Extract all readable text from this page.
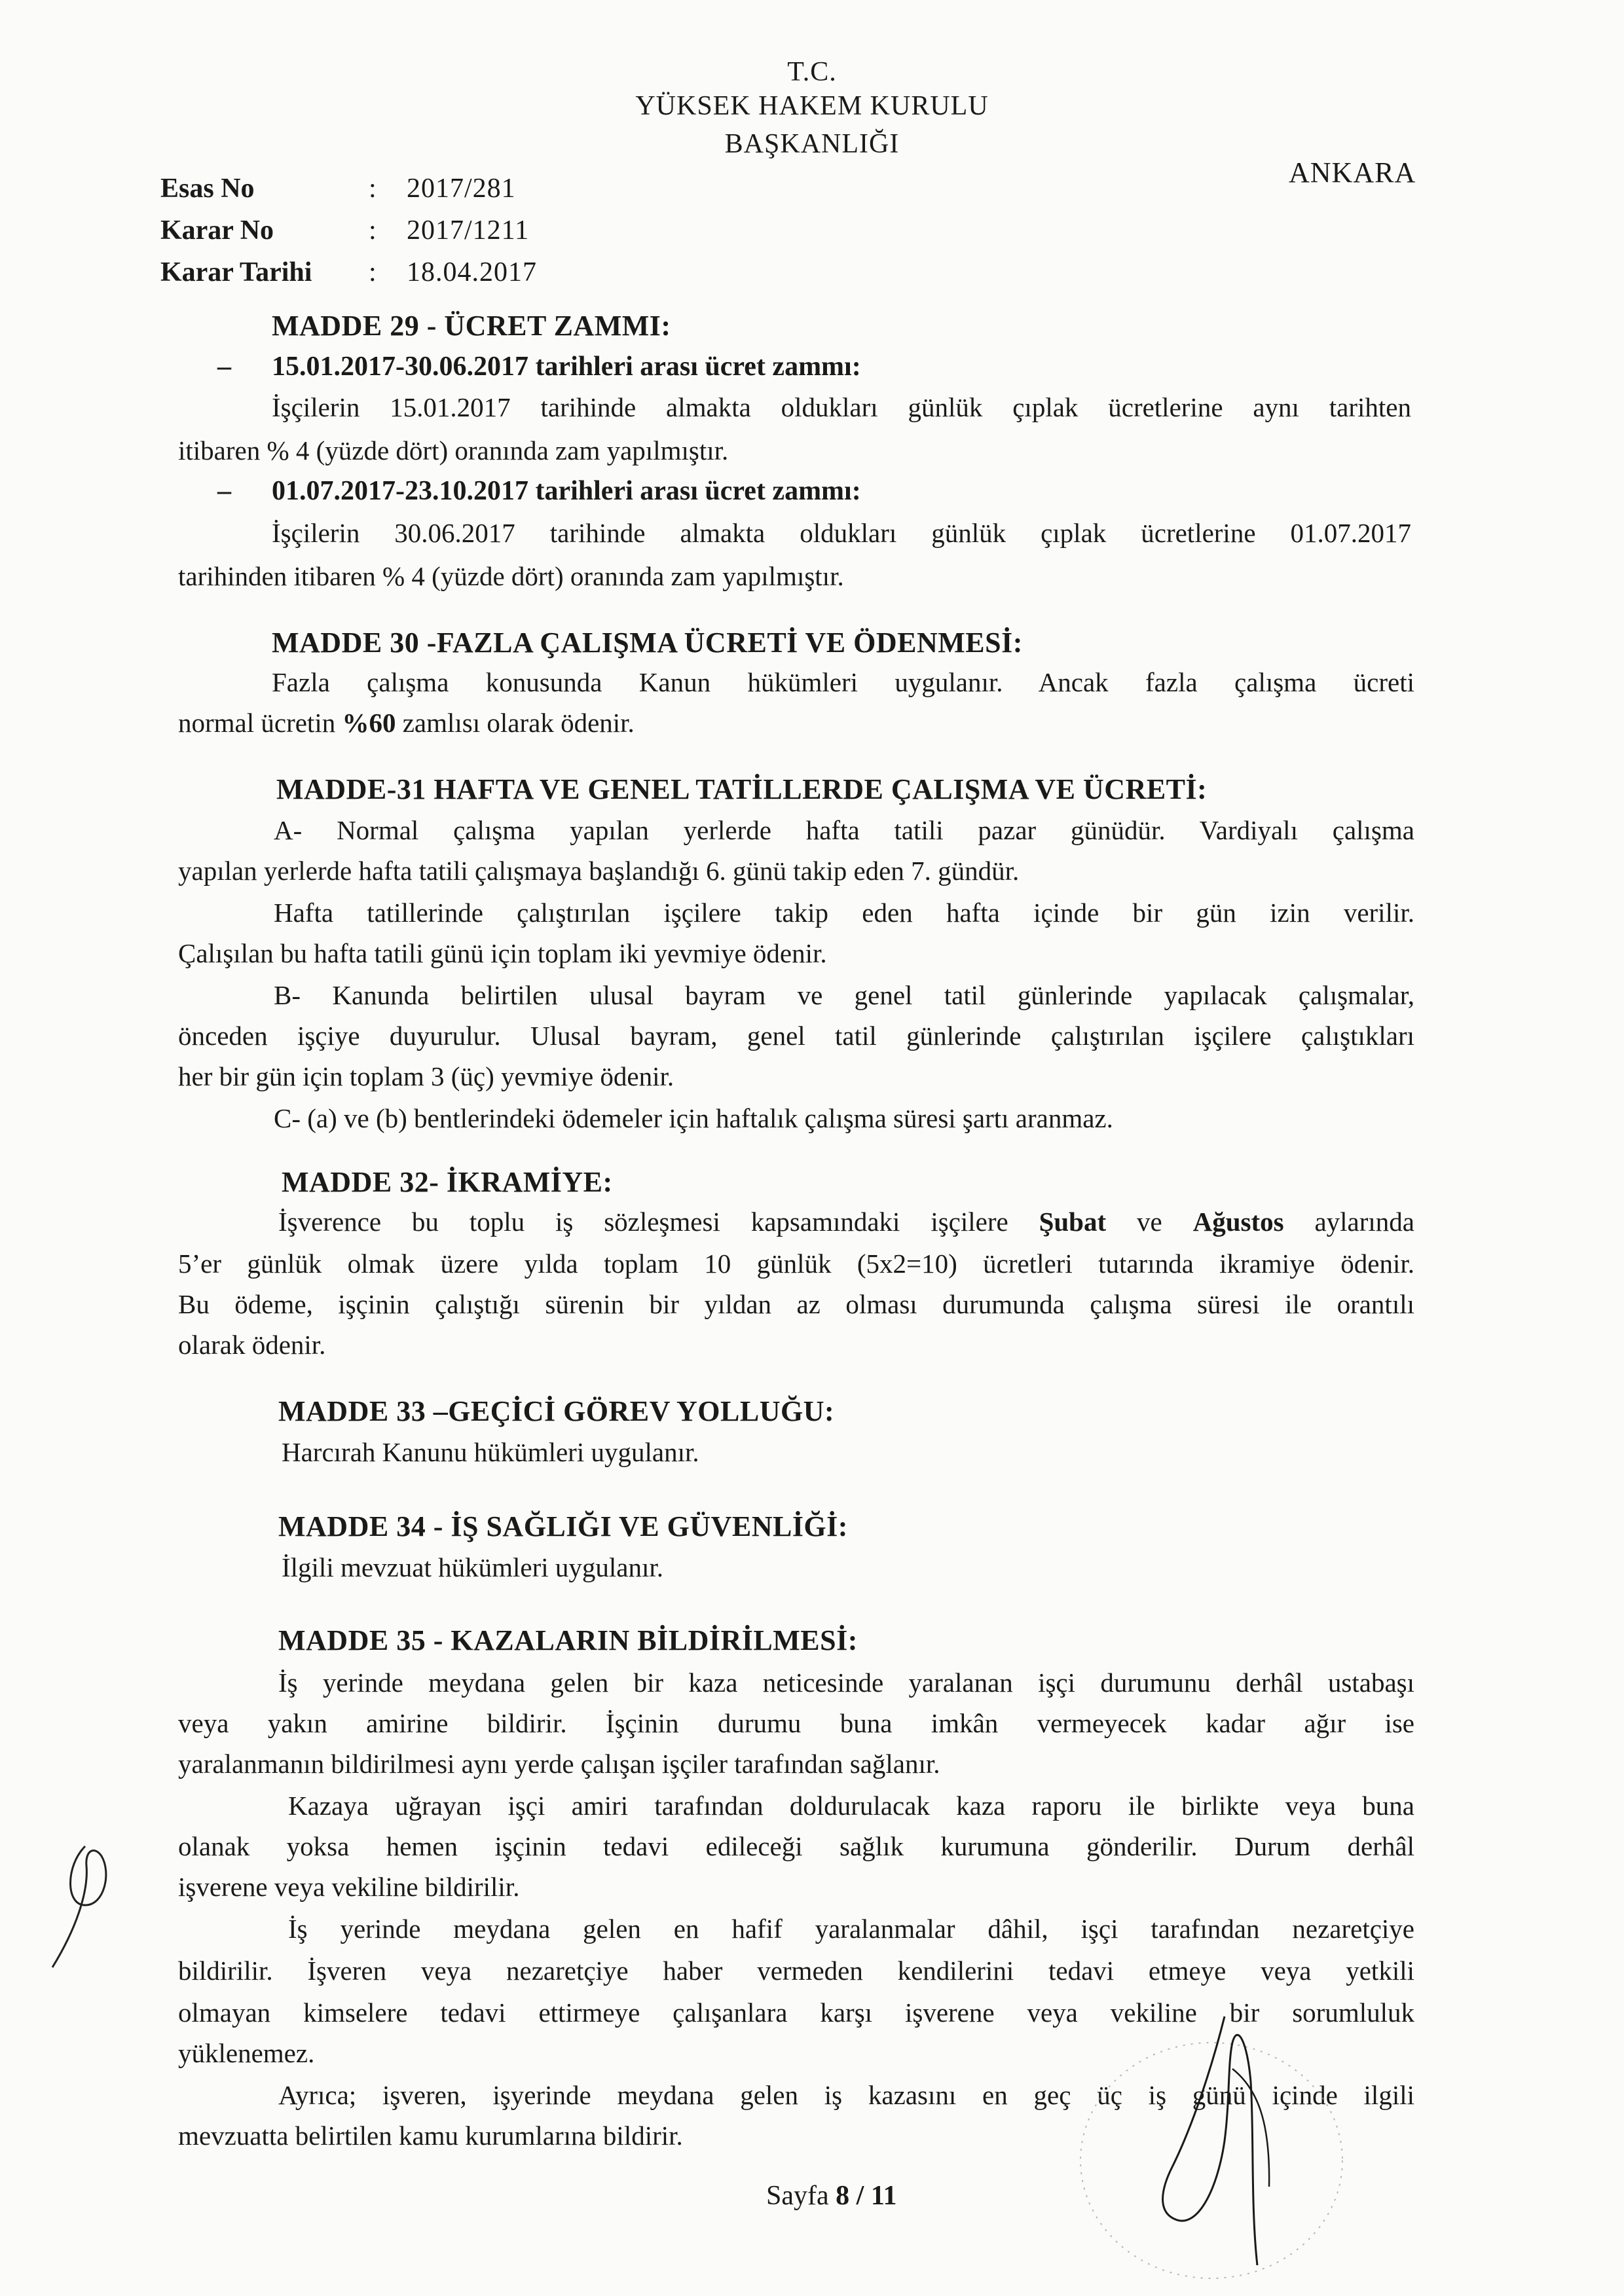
T.C.
YÜKSEK HAKEM KURULU
BAŞKANLIĞI
ANKARA
Esas No	:	2017/281
Karar No	:	2017/1211
Karar Tarihi	:	18.04.2017
MADDE 29 - ÜCRET ZAMMI:
– 15.01.2017-30.06.2017 tarihleri arası ücret zammı:
İşçilerin 15.01.2017 tarihinde almakta oldukları günlük çıplak ücretlerine aynı tarihten
itibaren % 4 (yüzde dört) oranında zam yapılmıştır.
– 01.07.2017-23.10.2017 tarihleri arası ücret zammı:
İşçilerin 30.06.2017 tarihinde almakta oldukları günlük çıplak ücretlerine 01.07.2017
tarihinden itibaren % 4 (yüzde dört) oranında zam yapılmıştır.
MADDE 30 -FAZLA ÇALIŞMA ÜCRETİ VE ÖDENMESİ:
Fazla çalışma konusunda Kanun hükümleri uygulanır. Ancak fazla çalışma ücreti
normal ücretin %60 zamlısı olarak ödenir.
MADDE-31 HAFTA VE GENEL TATİLLERDE ÇALIŞMA VE ÜCRETİ:
A- Normal çalışma yapılan yerlerde hafta tatili pazar günüdür. Vardiyalı çalışma
yapılan yerlerde hafta tatili çalışmaya başlandığı 6. günü takip eden 7. gündür.
Hafta tatillerinde çalıştırılan işçilere takip eden hafta içinde bir gün izin verilir.
Çalışılan bu hafta tatili günü için toplam iki yevmiye ödenir.
B- Kanunda belirtilen ulusal bayram ve genel tatil günlerinde yapılacak çalışmalar,
önceden işçiye duyurulur. Ulusal bayram, genel tatil günlerinde çalıştırılan işçilere çalıştıkları
her bir gün için toplam 3 (üç) yevmiye ödenir.
C- (a) ve (b) bentlerindeki ödemeler için haftalık çalışma süresi şartı aranmaz.
MADDE 32- İKRAMİYE:
İşverence bu toplu iş sözleşmesi kapsamındaki işçilere Şubat ve Ağustos aylarında
5’er günlük olmak üzere yılda toplam 10 günlük (5x2=10) ücretleri tutarında ikramiye ödenir.
Bu ödeme, işçinin çalıştığı sürenin bir yıldan az olması durumunda çalışma süresi ile orantılı
olarak ödenir.
MADDE 33 –GEÇİCİ GÖREV YOLLUĞU:
Harcırah Kanunu hükümleri uygulanır.
MADDE 34 - İŞ SAĞLIĞI VE GÜVENLİĞİ:
İlgili mevzuat hükümleri uygulanır.
MADDE 35 - KAZALARIN BİLDİRİLMESİ:
İş yerinde meydana gelen bir kaza neticesinde yaralanan işçi durumunu derhâl ustabaşı
veya yakın amirine bildirir. İşçinin durumu buna imkân vermeyecek kadar ağır ise
yaralanmanın bildirilmesi aynı yerde çalışan işçiler tarafından sağlanır.
Kazaya uğrayan işçi amiri tarafından doldurulacak kaza raporu ile birlikte veya buna
olanak yoksa hemen işçinin tedavi edileceği sağlık kurumuna gönderilir. Durum derhâl
işverene veya vekiline bildirilir.
İş yerinde meydana gelen en hafif yaralanmalar dâhil, işçi tarafından nezaretçiye
bildirilir. İşveren veya nezaretçiye haber vermeden kendilerini tedavi etmeye veya yetkili
olmayan kimselere tedavi ettirmeye çalışanlara karşı işverene veya vekiline bir sorumluluk
yüklenemez.
Ayrıca; işveren, işyerinde meydana gelen iş kazasını en geç üç iş günü içinde ilgili
mevzuatta belirtilen kamu kurumlarına bildirir.
Sayfa 8 / 11
